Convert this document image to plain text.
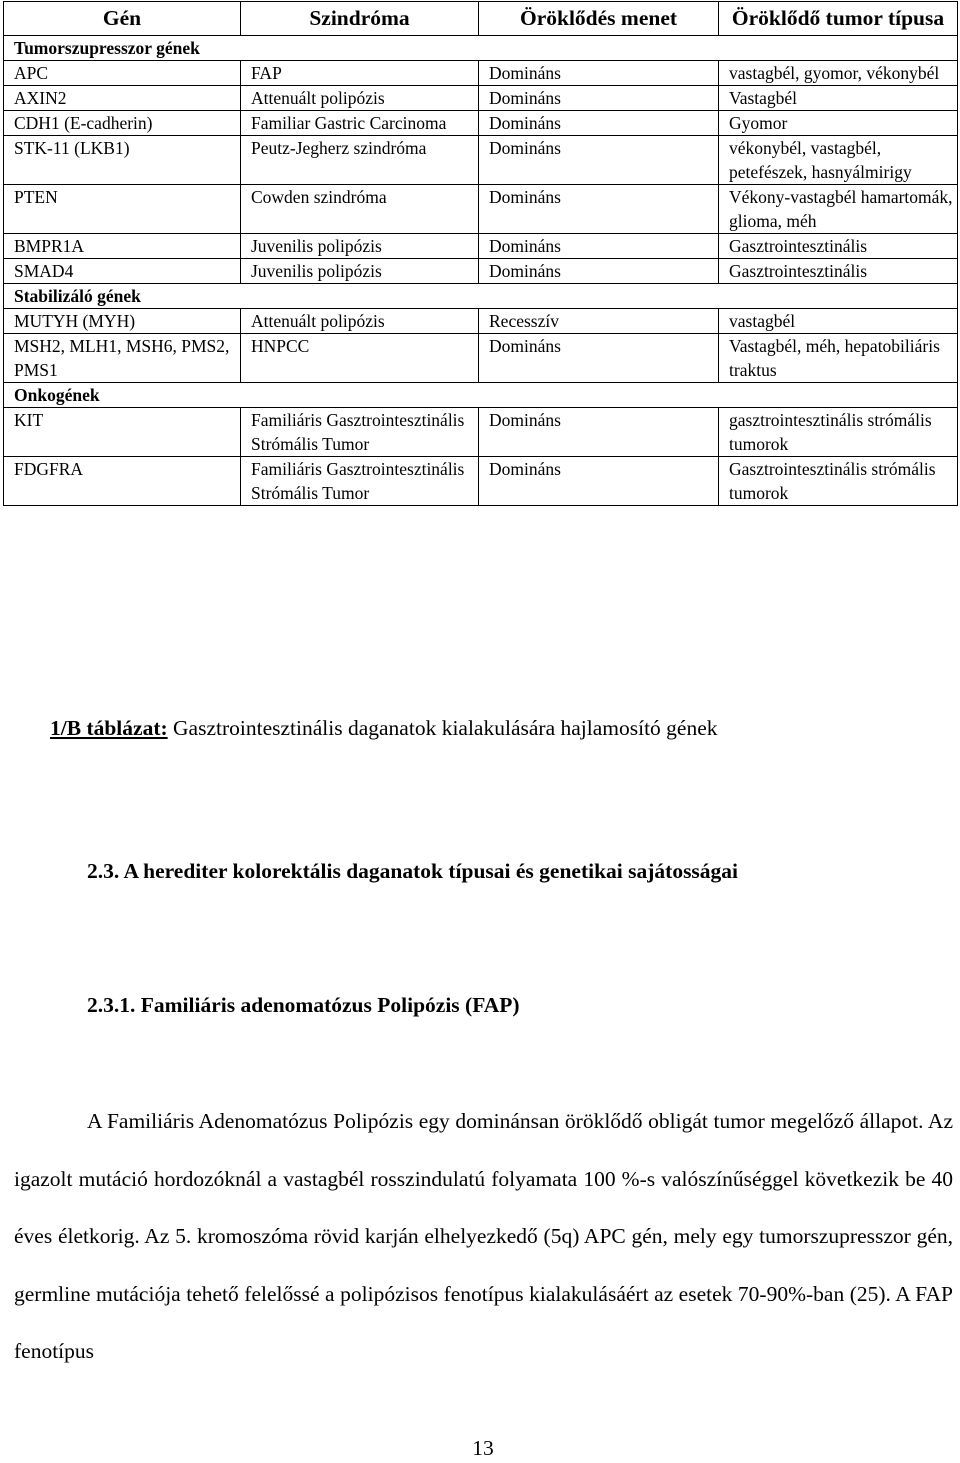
Gén	Szindróma	Öröklődés menet	Öröklődő tumor típusa
Tumorszupresszor gének			
APC	FAP	Domináns	vastagbél, gyomor, vékonybél
AXIN2	Attenuált polipózis	Domináns	Vastagbél
CDH1 (E-cadherin)	Familiar Gastric Carcinoma	Domináns	Gyomor
STK-11 (LKB1)	Peutz-Jegherz szindróma	Domináns	vékonybél, vastagbél, petefészek, hasnyálmirigy
PTEN	Cowden szindróma	Domináns	Vékony-vastagbél hamartomák, glioma, méh
BMPR1A	Juvenilis polipózis	Domináns	Gasztrointesztinális
SMAD4	Juvenilis polipózis	Domináns	Gasztrointesztinális
Stabilizáló gének			
MUTYH (MYH)	Attenuált polipózis	Recesszív	vastagbél
MSH2, MLH1, MSH6, PMS2, PMS1	HNPCC	Domináns	Vastagbél, méh, hepatobiliáris traktus
Onkogének			
KIT	Familiáris Gasztrointesztinális Strómális Tumor	Domináns	gasztrointesztinális strómális tumorok
FDGFRA	Familiáris Gasztrointesztinális Strómális Tumor	Domináns	Gasztrointesztinális strómális tumorok
1/B táblázat: Gasztrointesztinális daganatok kialakulására hajlamosító gének
2.3. A herediter kolorektális daganatok típusai és genetikai sajátosságai
2.3.1. Familiáris adenomatózus Polipózis (FAP)
A Familiáris Adenomatózus Polipózis egy dominánsan öröklődő obligát tumor megelőző állapot. Az igazolt mutáció hordozóknál a vastagbél rosszindulatú folyamata 100 %-s valószínűséggel következik be 40 éves életkorig. Az 5. kromoszóma rövid karján elhelyezkedő (5q) APC gén, mely egy tumorszupresszor gén, germline mutációja tehető felelőssé a polipózisos fenotípus kialakulásáért az esetek 70-90%-ban (25). A FAP fenotípus
13
